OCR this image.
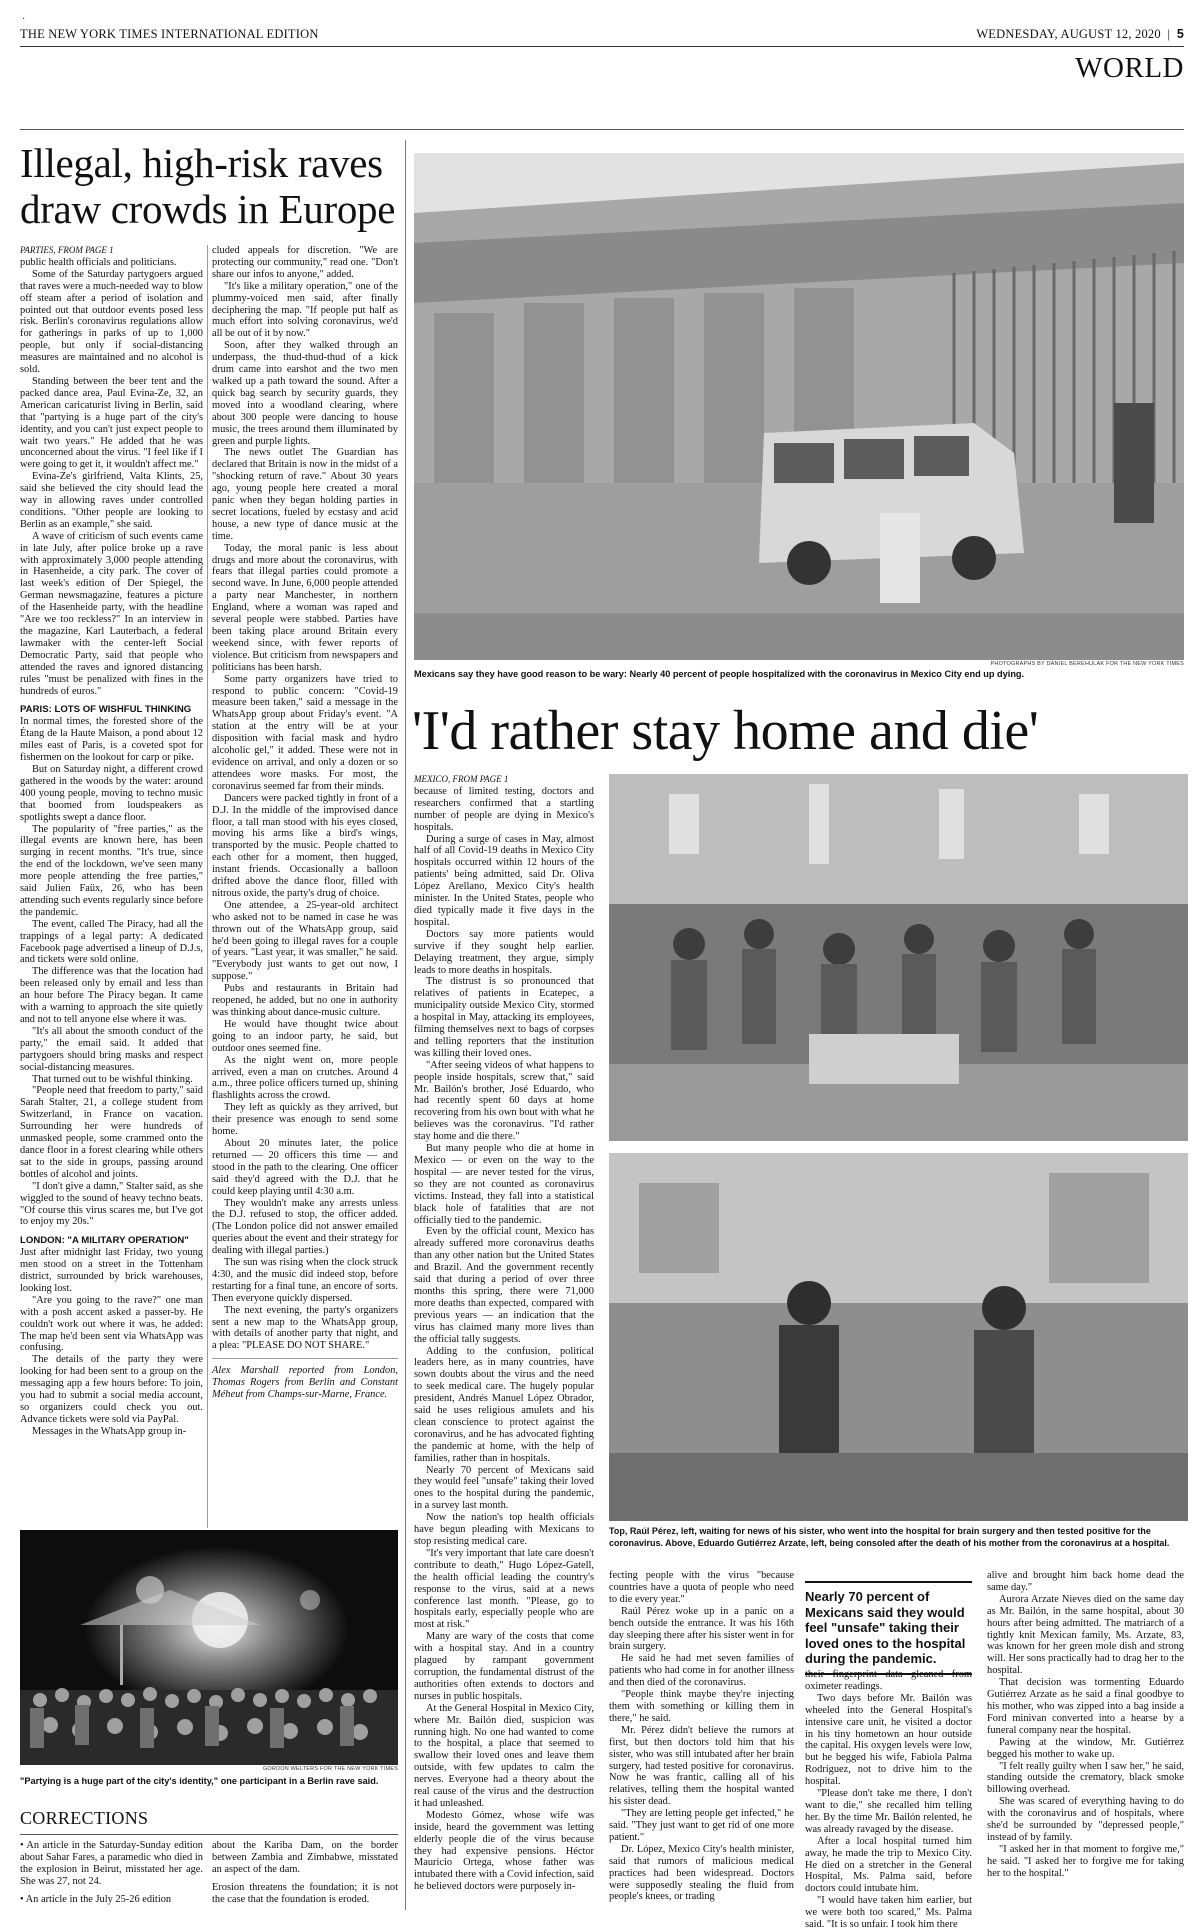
·
THE NEW YORK TIMES INTERNATIONAL EDITION	WEDNESDAY, AUGUST 12, 2020  |  5
WORLD
Illegal, high-risk raves draw crowds in Europe
PARTIES, FROM PAGE 1

public health officials and politicians.

Some of the Saturday partygoers argued that raves were a much-needed way to blow off steam after a period of isolation and pointed out that outdoor events posed less risk. Berlin's coronavirus regulations allow for gatherings in parks of up to 1,000 people, but only if social-distancing measures are maintained and no alcohol is sold.

Standing between the beer tent and the packed dance area, Paul Evina-Ze, 32, an American caricaturist living in Berlin, said that "partying is a huge part of the city's identity, and you can't just expect people to wait two years." He added that he was unconcerned about the virus. "I feel like if I were going to get it, it wouldn't affect me."

Evina-Ze's girlfriend, Valta Klints, 25, said she believed the city should lead the way in allowing raves under controlled conditions. "Other people are looking to Berlin as an example," she said.

A wave of criticism of such events came in late July, after police broke up a rave with approximately 3,000 people attending in Hasenheide, a city park. The cover of last week's edition of Der Spiegel, the German newsmagazine, features a picture of the Hasenheide party, with the headline "Are we too reckless?" In an interview in the magazine, Karl Lauterbach, a federal lawmaker with the center-left Social Democratic Party, said that people who attended the raves and ignored distancing rules "must be penalized with fines in the hundreds of euros."

PARIS: LOTS OF WISHFUL THINKING

In normal times, the forested shore of the Étang de la Haute Maison, a pond about 12 miles east of Paris, is a coveted spot for fishermen on the lookout for carp or pike.

But on Saturday night, a different crowd gathered in the woods by the water: around 400 young people, moving to techno music that boomed from loudspeakers as spotlights swept a dance floor.

The popularity of "free parties," as the illegal events are known here, has been surging in recent months. "It's true, since the end of the lockdown, we've seen many more people attending the free parties," said Julien Faüx, 26, who has been attending such events regularly since before the pandemic.

The event, called The Piracy, had all the trappings of a legal party: A dedicated Facebook page advertised a lineup of D.J.s, and tickets were sold online.

The difference was that the location had been released only by email and less than an hour before The Piracy began. It came with a warning to approach the site quietly and not to tell anyone else where it was.

"It's all about the smooth conduct of the party," the email said. It added that partygoers should bring masks and respect social-distancing measures.

That turned out to be wishful thinking.

"People need that freedom to party," said Sarah Stalter, 21, a college student from Switzerland, in France on vacation. Surrounding her were hundreds of unmasked people, some crammed onto the dance floor in a forest clearing while others sat to the side in groups, passing around bottles of alcohol and joints.

"I don't give a damn," Stalter said, as she wiggled to the sound of heavy techno beats. "Of course this virus scares me, but I've got to enjoy my 20s."

LONDON: "A MILITARY OPERATION"

Just after midnight last Friday, two young men stood on a street in the Tottenham district, surrounded by brick warehouses, looking lost.

"Are you going to the rave?" one man with a posh accent asked a passer-by. He couldn't work out where it was, he added: The map he'd been sent via WhatsApp was confusing.

The details of the party they were looking for had been sent to a group on the messaging app a few hours before: To join, you had to submit a social media account, so organizers could check you out. Advance tickets were sold via PayPal.

Messages in the WhatsApp group in-

cluded appeals for discretion. "We are protecting our community," read one. "Don't share our infos to anyone," added.

"It's like a military operation," one of the plummy-voiced men said, after finally deciphering the map. "If people put half as much effort into solving coronavirus, we'd all be out of it by now."

Soon, after they walked through an underpass, the thud-thud-thud of a kick drum came into earshot and the two men walked up a path toward the sound. After a quick bag search by security guards, they moved into a woodland clearing, where about 300 people were dancing to house music, the trees around them illuminated by green and purple lights.

The news outlet The Guardian has declared that Britain is now in the midst of a "shocking return of rave." About 30 years ago, young people here created a moral panic when they began holding parties in secret locations, fueled by ecstasy and acid house, a new type of dance music at the time.

Today, the moral panic is less about drugs and more about the coronavirus, with fears that illegal parties could promote a second wave. In June, 6,000 people attended a party near Manchester, in northern England, where a woman was raped and several people were stabbed. Parties have been taking place around Britain every weekend since, with fewer reports of violence. But criticism from newspapers and politicians has been harsh.

Some party organizers have tried to respond to public concern: "Covid-19 measure been taken," said a message in the WhatsApp group about Friday's event. "A station at the entry will be at your disposition with facial mask and hydro alcoholic gel," it added. These were not in evidence on arrival, and only a dozen or so attendees wore masks. For most, the coronavirus seemed far from their minds.

Dancers were packed tightly in front of a D.J. In the middle of the improvised dance floor, a tall man stood with his eyes closed, moving his arms like a bird's wings, transported by the music. People chatted to each other for a moment, then hugged, instant friends. Occasionally a balloon drifted above the dance floor, filled with nitrous oxide, the party's drug of choice.

One attendee, a 25-year-old architect who asked not to be named in case he was thrown out of the WhatsApp group, said he'd been going to illegal raves for a couple of years. "Last year, it was smaller," he said. "Everybody just wants to get out now, I suppose."

Pubs and restaurants in Britain had reopened, he added, but no one in authority was thinking about dance-music culture.

He would have thought twice about going to an indoor party, he said, but outdoor ones seemed fine.

As the night went on, more people arrived, even a man on crutches. Around 4 a.m., three police officers turned up, shining flashlights across the crowd.

They left as quickly as they arrived, but their presence was enough to send some home.

About 20 minutes later, the police returned — 20 officers this time — and stood in the path to the clearing. One officer said they'd agreed with the D.J. that he could keep playing until 4:30 a.m.

They wouldn't make any arrests unless the D.J. refused to stop, the officer added. (The London police did not answer emailed queries about the event and their strategy for dealing with illegal parties.)

The sun was rising when the clock struck 4:30, and the music did indeed stop, before restarting for a final tune, an encore of sorts. Then everyone quickly dispersed.

The next evening, the party's organizers sent a new map to the WhatsApp group, with details of another party that night, and a plea: "PLEASE DO NOT SHARE."

Alex Marshall reported from London, Thomas Rogers from Berlin and Constant Méheut from Champs-sur-Marne, France.

GORDON WELTERS FOR THE NEW YORK TIMES
"Partying is a huge part of the city's identity," one participant in a Berlin rave said.
CORRECTIONS

• An article in the Saturday-Sunday edition about Sahar Fares, a paramedic who died in the explosion in Beirut, misstated her age. She was 27, not 24.

• An article in the July 25-26 edition

about the Kariba Dam, on the border between Zambia and Zimbabwe, misstated an aspect of the dam.

Erosion threatens the foundation; it is not the case that the foundation is eroded.

PHOTOGRAPHS BY DANIEL BEREHULAK FOR THE NEW YORK TIMES
Mexicans say they have good reason to be wary: Nearly 40 percent of people hospitalized with the coronavirus in Mexico City end up dying.
'I'd rather stay home and die'
MEXICO, FROM PAGE 1

because of limited testing, doctors and researchers confirmed that a startling number of people are dying in Mexico's hospitals.

During a surge of cases in May, almost half of all Covid-19 deaths in Mexico City hospitals occurred within 12 hours of the patients' being admitted, said Dr. Oliva López Arellano, Mexico City's health minister. In the United States, people who died typically made it five days in the hospital.

Doctors say more patients would survive if they sought help earlier. Delaying treatment, they argue, simply leads to more deaths in hospitals.

The distrust is so pronounced that relatives of patients in Ecatepec, a municipality outside Mexico City, stormed a hospital in May, attacking its employees, filming themselves next to bags of corpses and telling reporters that the institution was killing their loved ones.

"After seeing videos of what happens to people inside hospitals, screw that," said Mr. Bailón's brother, José Eduardo, who had recently spent 60 days at home recovering from his own bout with what he believes was the coronavirus. "I'd rather stay home and die there."

But many people who die at home in Mexico — or even on the way to the hospital — are never tested for the virus, so they are not counted as coronavirus victims. Instead, they fall into a statistical black hole of fatalities that are not officially tied to the pandemic.

Even by the official count, Mexico has already suffered more coronavirus deaths than any other nation but the United States and Brazil. And the government recently said that during a period of over three months this spring, there were 71,000 more deaths than expected, compared with previous years — an indication that the virus has claimed many more lives than the official tally suggests.

Adding to the confusion, political leaders here, as in many countries, have sown doubts about the virus and the need to seek medical care. The hugely popular president, Andrés Manuel López Obrador, said he uses religious amulets and his clean conscience to protect against the coronavirus, and he has advocated fighting the pandemic at home, with the help of families, rather than in hospitals.

Nearly 70 percent of Mexicans said they would feel "unsafe" taking their loved ones to the hospital during the pandemic, in a survey last month.

Now the nation's top health officials have begun pleading with Mexicans to stop resisting medical care.

"It's very important that late care doesn't contribute to death," Hugo López-Gatell, the health official leading the country's response to the virus, said at a news conference last month. "Please, go to hospitals early, especially people who are most at risk."

Many are wary of the costs that come with a hospital stay. And in a country plagued by rampant government corruption, the fundamental distrust of the authorities often extends to doctors and nurses in public hospitals.

At the General Hospital in Mexico City, where Mr. Bailón died, suspicion was running high. No one had wanted to come to the hospital, a place that seemed to swallow their loved ones and leave them outside, with few updates to calm the nerves. Everyone had a theory about the real cause of the virus and the destruction it had unleashed.

Modesto Gómez, whose wife was inside, heard the government was letting elderly people die of the virus because they had expensive pensions. Héctor Mauricio Ortega, whose father was intubated there with a Covid infection, said he believed doctors were purposely in-

Top, Raúl Pérez, left, waiting for news of his sister, who went into the hospital for brain surgery and then tested positive for the coronavirus. Above, Eduardo Gutiérrez Arzate, left, being consoled after the death of his mother from the coronavirus at a hospital.

fecting people with the virus "because countries have a quota of people who need to die every year."

Raúl Pérez woke up in a panic on a bench outside the entrance. It was his 16th day sleeping there after his sister went in for brain surgery.

He said he had met seven families of patients who had come in for another illness and then died of the coronavirus.

"People think maybe they're injecting them with something or killing them in there," he said.

Mr. Pérez didn't believe the rumors at first, but then doctors told him that his sister, who was still intubated after her brain surgery, had tested positive for coronavirus. Now he was frantic, calling all of his relatives, telling them the hospital wanted his sister dead.

"They are letting people get infected," he said. "They just want to get rid of one more patient."

Dr. López, Mexico City's health minister, said that rumors of malicious medical practices had been widespread. Doctors were supposedly stealing the fluid from people's knees, or trading

Nearly 70 percent of Mexicans said they would feel "unsafe" taking their loved ones to the hospital during the pandemic.

their fingerprint data gleaned from oximeter readings.

Two days before Mr. Bailón was wheeled into the General Hospital's intensive care unit, he visited a doctor in his tiny hometown an hour outside the capital. His oxygen levels were low, but he begged his wife, Fabiola Palma Rodríguez, not to drive him to the hospital.

"Please don't take me there, I don't want to die," she recalled him telling her. By the time Mr. Bailón relented, he was already ravaged by the disease.

After a local hospital turned him away, he made the trip to Mexico City. He died on a stretcher in the General Hospital, Ms. Palma said, before doctors could intubate him.

"I would have taken him earlier, but we were both too scared," Ms. Palma said. "It is so unfair. I took him there

alive and brought him back home dead the same day."

Aurora Arzate Nieves died on the same day as Mr. Bailón, in the same hospital, about 30 hours after being admitted. The matriarch of a tightly knit Mexican family, Ms. Arzate, 83, was known for her green mole dish and strong will. Her sons practically had to drag her to the hospital.

That decision was tormenting Eduardo Gutiérrez Arzate as he said a final goodbye to his mother, who was zipped into a bag inside a Ford minivan converted into a hearse by a funeral company near the hospital.

Pawing at the window, Mr. Gutiérrez begged his mother to wake up.

"I felt really guilty when I saw her," he said, standing outside the crematory, black smoke billowing overhead.

She was scared of everything having to do with the coronavirus and of hospitals, where she'd be surrounded by "depressed people," instead of by family.

"I asked her in that moment to forgive me," he said. "I asked her to forgive me for taking her to the hospital."
